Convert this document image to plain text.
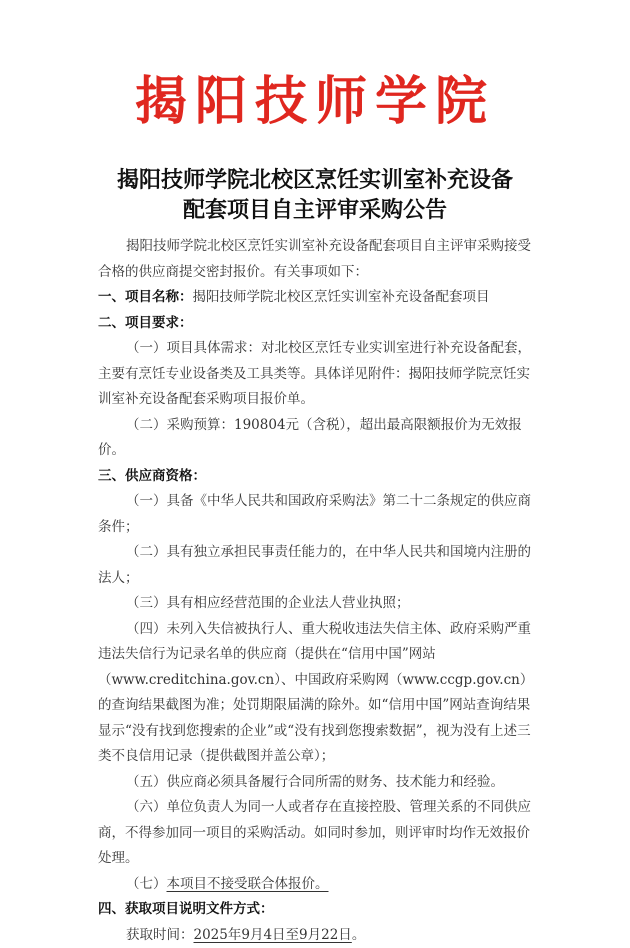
揭阳技师学院
揭阳技师学院北校区烹饪实训室补充设备
配套项目自主评审采购公告

揭阳技师学院北校区烹饪实训室补充设备配套项目自主评审采购接受合格的供应商提交密封报价。有关事项如下：

一、项目名称：揭阳技师学院北校区烹饪实训室补充设备配套项目

二、项目要求：

（一）项目具体需求：对北校区烹饪专业实训室进行补充设备配套，主要有烹饪专业设备类及工具类等。具体详见附件：揭阳技师学院烹饪实训室补充设备配套采购项目报价单。

（二）采购预算：190804元（含税），超出最高限额报价为无效报价。

三、供应商资格：

（一）具备《中华人民共和国政府采购法》第二十二条规定的供应商条件；

（二）具有独立承担民事责任能力的，在中华人民共和国境内注册的法人；

（三）具有相应经营范围的企业法人营业执照；

（四）未列入失信被执行人、重大税收违法失信主体、政府采购严重违法失信行为记录名单的供应商（提供在“信用中国”网站（www.creditchina.gov.cn）、中国政府采购网（www.ccgp.gov.cn）的查询结果截图为准；处罚期限届满的除外。如“信用中国”网站查询结果显示“没有找到您搜索的企业”或“没有找到您搜索数据”，视为没有上述三类不良信用记录（提供截图并盖公章）；

（五）供应商必须具备履行合同所需的财务、技术能力和经验。

（六）单位负责人为同一人或者存在直接控股、管理关系的不同供应商，不得参加同一项目的采购活动。如同时参加，则评审时均作无效报价处理。

（七）本项目不接受联合体报价。

四、获取项目说明文件方式：

获取时间：2025年9月4日至9月22日。
